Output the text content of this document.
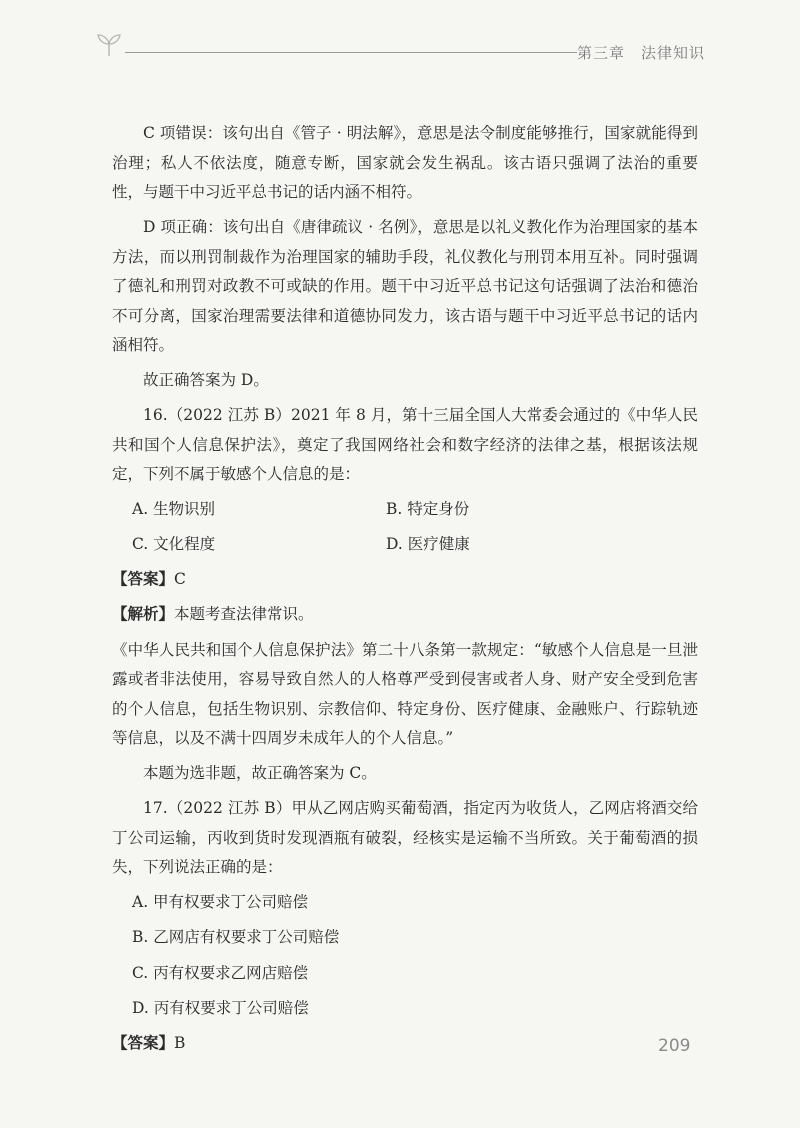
第三章　法律知识

C 项错误：该句出自《管子 · 明法解》，意思是法令制度能够推行，国家就能得到治理；私人不依法度，随意专断，国家就会发生祸乱。该古语只强调了法治的重要性，与题干中习近平总书记的话内涵不相符。

D 项正确：该句出自《唐律疏议 · 名例》，意思是以礼义教化作为治理国家的基本方法，而以刑罚制裁作为治理国家的辅助手段，礼仪教化与刑罚本用互补。同时强调了德礼和刑罚对政教不可或缺的作用。题干中习近平总书记这句话强调了法治和德治不可分离，国家治理需要法律和道德协同发力，该古语与题干中习近平总书记的话内涵相符。

故正确答案为 D。

16.（2022 江苏 B）2021 年 8 月，第十三届全国人大常委会通过的《中华人民共和国个人信息保护法》，奠定了我国网络社会和数字经济的法律之基，根据该法规定，下列不属于敏感个人信息的是：

A. 生物识别	B. 特定身份
C. 文化程度	D. 医疗健康

【答案】C

【解析】本题考查法律常识。

《中华人民共和国个人信息保护法》第二十八条第一款规定：“敏感个人信息是一旦泄露或者非法使用，容易导致自然人的人格尊严受到侵害或者人身、财产安全受到危害的个人信息，包括生物识别、宗教信仰、特定身份、医疗健康、金融账户、行踪轨迹等信息，以及不满十四周岁未成年人的个人信息。”

本题为选非题，故正确答案为 C。

17.（2022 江苏 B）甲从乙网店购买葡萄酒，指定丙为收货人，乙网店将酒交给丁公司运输，丙收到货时发现酒瓶有破裂，经核实是运输不当所致。关于葡萄酒的损失，下列说法正确的是：

A. 甲有权要求丁公司赔偿
B. 乙网店有权要求丁公司赔偿
C. 丙有权要求乙网店赔偿
D. 丙有权要求丁公司赔偿

【答案】B	209
